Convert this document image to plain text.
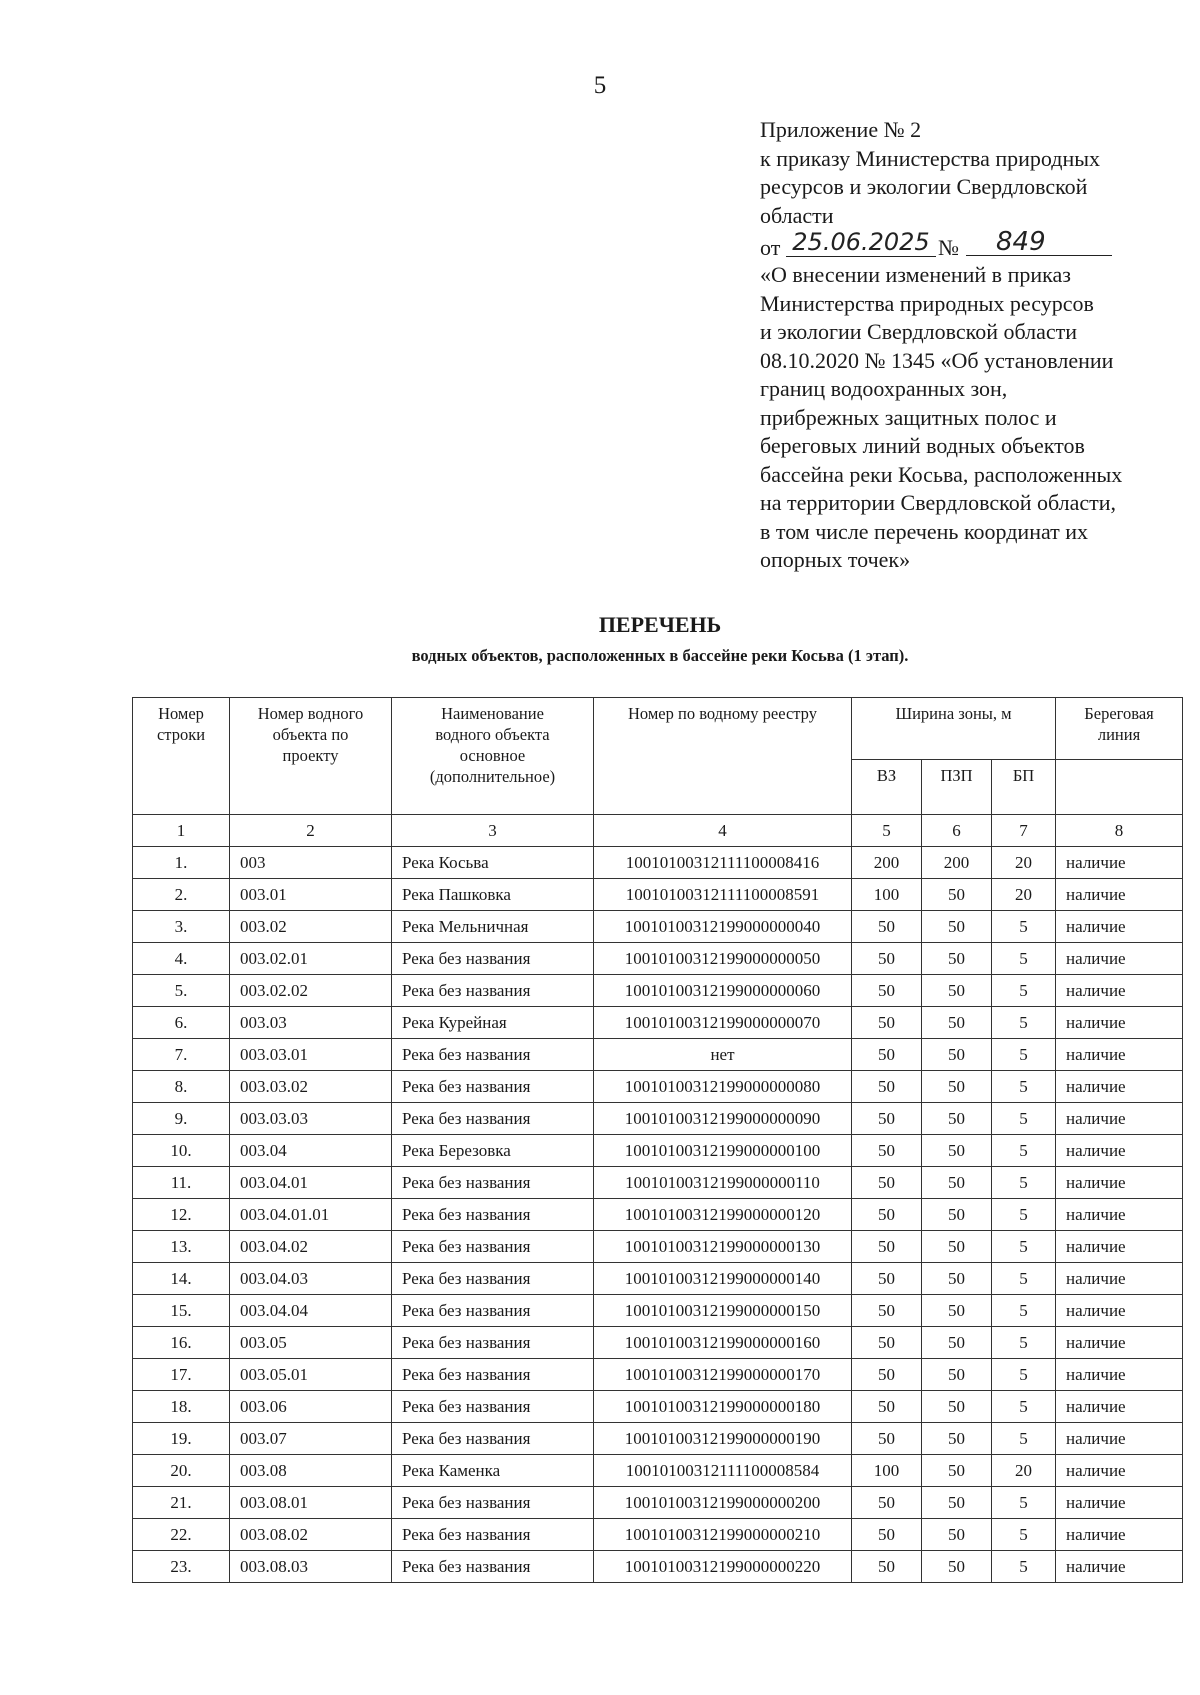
5
Приложение № 2
к приказу Министерства природных
ресурсов и экологии Свердловской
области
от 25.06.2025 №	849
«О внесении изменений в приказ
Министерства природных ресурсов
и экологии Свердловской области
08.10.2020 № 1345 «Об установлении
границ водоохранных зон,
прибрежных защитных полос и
береговых линий водных объектов
бассейна реки Косьва, расположенных
на территории Свердловской области,
в том числе перечень координат их
опорных точек»
ПЕРЕЧЕНЬ
водных объектов, расположенных в бассейне реки Косьва (1 этап).
Номер
строки	Номер водного
объекта по
проекту	Наименование
водного объекта
основное
(дополнительное)	Номер по водному реестру	Ширина зоны, м			Береговая
линия
				ВЗ	ПЗП	БП	
1	2	3	4	5	6	7	8
1.	003	Река Косьва	10010100312111100008416	200	200	20	наличие
2.	003.01	Река Пашковка	10010100312111100008591	100	50	20	наличие
3.	003.02	Река Мельничная	10010100312199000000040	50	50	5	наличие
4.	003.02.01	Река без названия	10010100312199000000050	50	50	5	наличие
5.	003.02.02	Река без названия	10010100312199000000060	50	50	5	наличие
6.	003.03	Река Курейная	10010100312199000000070	50	50	5	наличие
7.	003.03.01	Река без названия	нет	50	50	5	наличие
8.	003.03.02	Река без названия	10010100312199000000080	50	50	5	наличие
9.	003.03.03	Река без названия	10010100312199000000090	50	50	5	наличие
10.	003.04	Река Березовка	10010100312199000000100	50	50	5	наличие
11.	003.04.01	Река без названия	10010100312199000000110	50	50	5	наличие
12.	003.04.01.01	Река без названия	10010100312199000000120	50	50	5	наличие
13.	003.04.02	Река без названия	10010100312199000000130	50	50	5	наличие
14.	003.04.03	Река без названия	10010100312199000000140	50	50	5	наличие
15.	003.04.04	Река без названия	10010100312199000000150	50	50	5	наличие
16.	003.05	Река без названия	10010100312199000000160	50	50	5	наличие
17.	003.05.01	Река без названия	10010100312199000000170	50	50	5	наличие
18.	003.06	Река без названия	10010100312199000000180	50	50	5	наличие
19.	003.07	Река без названия	10010100312199000000190	50	50	5	наличие
20.	003.08	Река Каменка	10010100312111100008584	100	50	20	наличие
21.	003.08.01	Река без названия	10010100312199000000200	50	50	5	наличие
22.	003.08.02	Река без названия	10010100312199000000210	50	50	5	наличие
23.	003.08.03	Река без названия	10010100312199000000220	50	50	5	наличие
